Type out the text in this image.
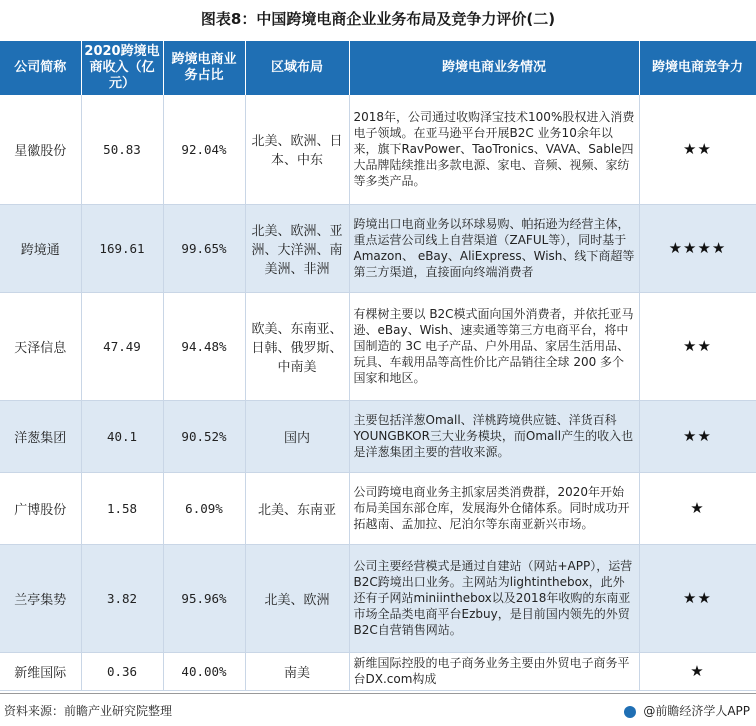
图表8：中国跨境电商企业业务布局及竞争力评价(二)
公司简称	2020跨境电商收入（亿元）	跨境电商业务占比	区域布局	跨境电商业务情况	跨境电商竞争力
星徽股份	50.83	92.04%	北美、欧洲、日本、中东	2018年，公司通过收购泽宝技术100%股权进入消费电子领域。在亚马逊平台开展B2C 业务10余年以来，旗下RavPower、TaoTronics、VAVA、Sable四大品牌陆续推出多款电源、家电、音频、视频、家纺等多类产品。	★★
跨境通	169.61	99.65%	北美、欧洲、亚洲、大洋洲、南美洲、非洲	跨境出口电商业务以环球易购、帕拓逊为经营主体，重点运营公司线上自营渠道（ZAFUL等），同时基于Amazon、 eBay、AliExpress、Wish、线下商超等第三方渠道，直接面向终端消费者	★★★★
天泽信息	47.49	94.48%	欧美、东南亚、日韩、俄罗斯、中南美	有棵树主要以 B2C模式面向国外消费者，并依托亚马逊、eBay、Wish、速卖通等第三方电商平台，将中国制造的 3C 电子产品、户外用品、家居生活用品、玩具、车载用品等高性价比产品销往全球 200 多个国家和地区。	★★
洋葱集团	40.1	90.52%	国内	主要包括洋葱Omall、洋桃跨境供应链、洋货百科YOUNGBKOR三大业务模块，而Omall产生的收入也是洋葱集团主要的营收来源。	★★
广博股份	1.58	6.09%	北美、东南亚	公司跨境电商业务主抓家居类消费群，2020年开始布局美国东部仓库，发展海外仓储体系。同时成功开拓越南、孟加拉、尼泊尔等东南亚新兴市场。	★
兰亭集势	3.82	95.96%	北美、欧洲	公司主要经营模式是通过自建站（网站+APP），运营B2C跨境出口业务。主网站为lightinthebox，此外还有子网站miniinthebox以及2018年收购的东南亚市场全品类电商平台Ezbuy，是目前国内领先的外贸B2C自营销售网站。	★★
新维国际	0.36	40.00%	南美	新维国际控股的电子商务业务主要由外贸电子商务平台DX.com构成	★
资料来源：前瞻产业研究院整理	@前瞻经济学人APP
